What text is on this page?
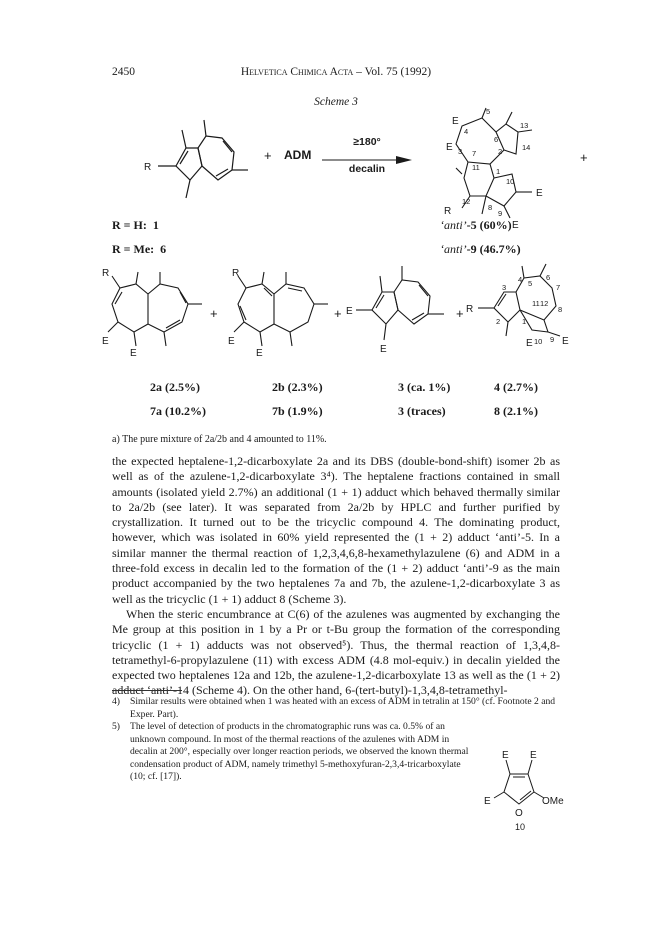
2450	Helvetica Chimica Acta – Vol. 75 (1992)
Scheme 3
R
+ ADM
≥180°
decalin
E
E
E
E
R
5
4
6
13
3 7	2	14
11 1
10
12
8
9
+
R = H: 1
R = Me: 6
‘anti’-5 (60%)
‘anti’-9 (46.7%)
R
E
E
+
R
E
E
+ E
E
+ R
E	E
4 5
6
7
3
11 12
2
8
1
10 9
2a (2.5%)	2b (2.3%)	3 (ca. 1%)	4 (2.7%)
7a (10.2%)	7b (1.9%)	3 (traces)	8 (2.1%)
a) The pure mixture of 2a/2b and 4 amounted to 11%.

the expected heptalene-1,2-dicarboxylate 2a and its DBS (double-bond-shift) isomer 2b as well as of the azulene-1,2-dicarboxylate 3⁴). The heptalene fractions contained in small amounts (isolated yield 2.7%) an additional (1 + 1) adduct which behaved thermally similar to 2a/2b (see later). It was separated from 2a/2b by HPLC and further purified by crystallization. It turned out to be the tricyclic compound 4. The dominating product, however, which was isolated in 60% yield represented the (1 + 2) adduct ‘anti’-5. In a similar manner the thermal reaction of 1,2,3,4,6,8-hexamethylazulene (6) and ADM in a three-fold excess in decalin led to the formation of the (1 + 2) adduct ‘anti’-9 as the main product accompanied by the two heptalenes 7a and 7b, the azulene-1,2-dicarboxylate 3 as well as the tricyclic (1 + 1) adduct 8 (Scheme 3).

When the steric encumbrance at C(6) of the azulenes was augmented by exchanging the Me group at this position in 1 by a Pr or t-Bu group the formation of the corresponding tricyclic (1 + 1) adducts was not observed⁵). Thus, the thermal reaction of 1,3,4,8-tetramethyl-6-propylazulene (11) with excess ADM (4.8 mol-equiv.) in decalin yielded the expected two heptalenes 12a and 12b, the azulene-1,2-dicarboxylate 13 as well as the (1 + 2) adduct ‘anti’-14 (Scheme 4). On the other hand, 6-(tert-butyl)-1,3,4,8-tetramethyl-

4) Similar results were obtained when 1 was heated with an excess of ADM in tetralin at 150° (cf. Footnote 2 and Exper. Part).
5) The level of detection of products in the chromatographic runs was ca. 0.5% of an unknown compound. In most of the thermal reactions of the azulenes with ADM in decalin at 200°, especially over longer reaction periods, we observed the known thermal condensation product of ADM, namely trimethyl 5-methoxyfuran-2,3,4-tricarboxylate (10; cf. [17]).
E E
E
O
OMe
10
